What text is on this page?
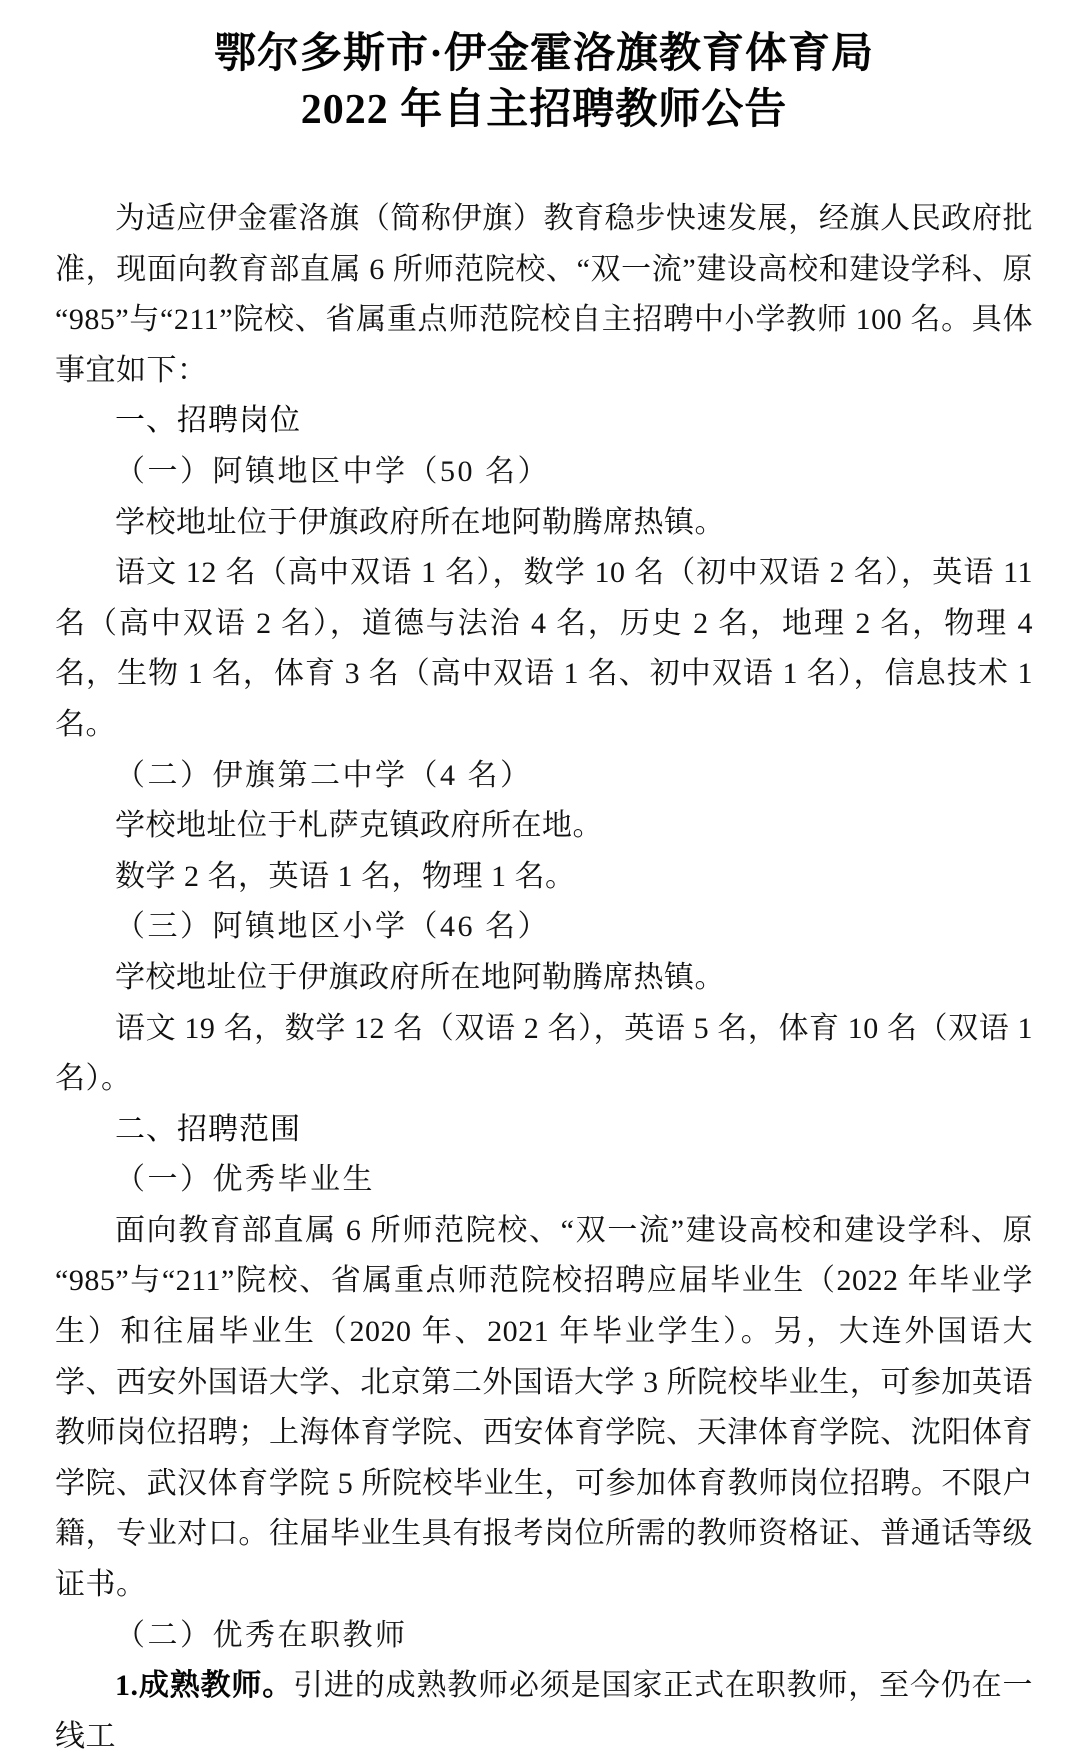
鄂尔多斯市·伊金霍洛旗教育体育局
2022 年自主招聘教师公告

为适应伊金霍洛旗（简称伊旗）教育稳步快速发展，经旗人民政府批准，现面向教育部直属 6 所师范院校、“双一流”建设高校和建设学科、原“985”与“211”院校、省属重点师范院校自主招聘中小学教师 100 名。具体事宜如下：

一、招聘岗位
（一）阿镇地区中学（50 名）

学校地址位于伊旗政府所在地阿勒腾席热镇。

语文 12 名（高中双语 1 名），数学 10 名（初中双语 2 名），英语 11 名（高中双语 2 名），道德与法治 4 名，历史 2 名，地理 2 名，物理 4 名，生物 1 名，体育 3 名（高中双语 1 名、初中双语 1 名），信息技术 1 名。

（二）伊旗第二中学（4 名）

学校地址位于札萨克镇政府所在地。

数学 2 名，英语 1 名，物理 1 名。

（三）阿镇地区小学（46 名）

学校地址位于伊旗政府所在地阿勒腾席热镇。

语文 19 名，数学 12 名（双语 2 名），英语 5 名，体育 10 名（双语 1 名）。

二、招聘范围
（一）优秀毕业生

面向教育部直属 6 所师范院校、“双一流”建设高校和建设学科、原“985”与“211”院校、省属重点师范院校招聘应届毕业生（2022 年毕业学生）和往届毕业生（2020 年、2021 年毕业学生）。另，大连外国语大学、西安外国语大学、北京第二外国语大学 3 所院校毕业生，可参加英语教师岗位招聘；上海体育学院、西安体育学院、天津体育学院、沈阳体育学院、武汉体育学院 5 所院校毕业生，可参加体育教师岗位招聘。不限户籍，专业对口。往届毕业生具有报考岗位所需的教师资格证、普通话等级证书。

（二）优秀在职教师

1.成熟教师。引进的成熟教师必须是国家正式在职教师，至今仍在一线工
